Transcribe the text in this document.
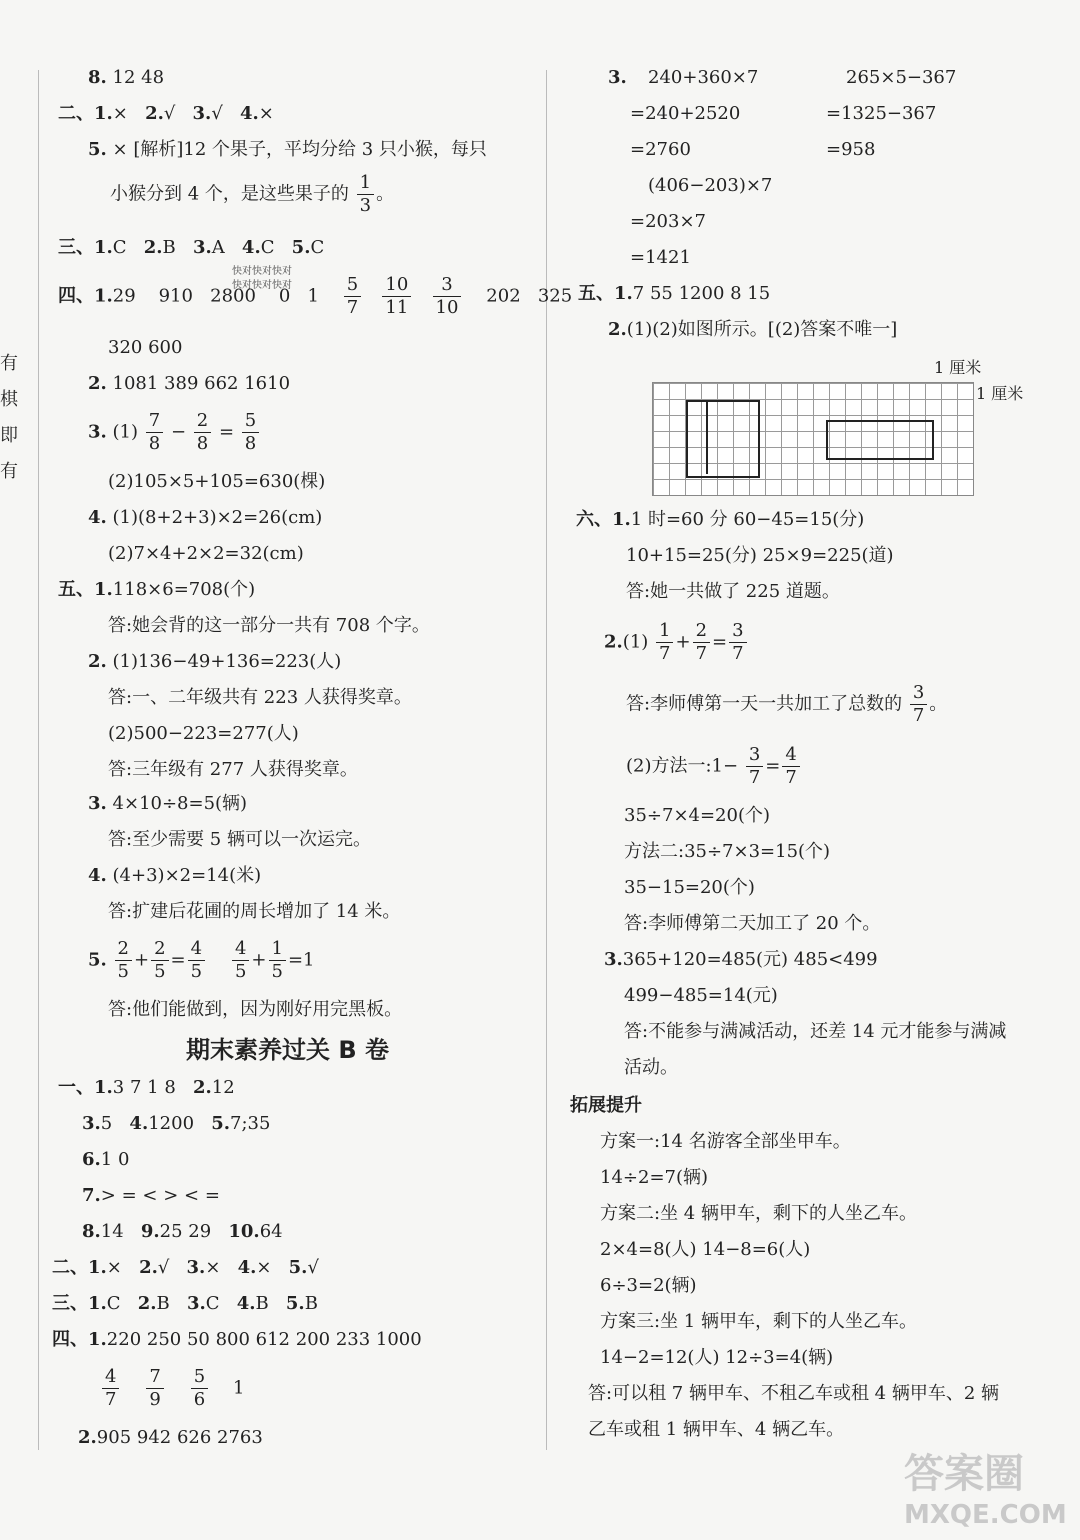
有
棋
即
有
8. 12 48
二、1.× 2.√ 3.√ 4.×
5. × [解析]12 个果子，平均分给 3 只小猴，每只
小猴分到 4 个，是这些果子的 $\frac{1}{3}$ 。
三、1.C 2.B 3.A 4.C 5.C
四、1.29 910 2800 0 $1 \frac{5}{7}$
$\frac{10}{11}$
$\frac{3}{10} 202$ 325
320 600
2. 1081 389 662 1610
3. $(1) \frac{7}{8} - \frac{2}{8} = \frac{5}{8}$
(2)105×5+105=630(棵)
4. (1)(8+2+3)×2=26(cm)
(2)7×4+2×2=32(cm)
五、1.118×6=708(个)
答:她会背的这一部分一共有 708 个字。
2. (1)136−49+136=223(人)
答:一、二年级共有 223 人获得奖章。
(2)500−223=277(人)
答:三年级有 277 人获得奖章。
3. 4×10÷8=5(辆)
答:至少需要 5 辆可以一次运完。
4. (4+3)×2=14(米)
答:扩建后花圃的周长增加了 14 米。
5. $\frac{2}{5} + \frac{2}{5} = \frac{4}{5}$
$\frac{4}{5} + \frac{1}{5} =1$
答:他们能做到，因为刚好用完黑板。
期末素养过关 B 卷
一、1.3 7 1 8 2.12
3.5 4.1200 5.7;35
6.1 0
7.> = < > < =
8.14 9.25 29 10.64
二、1.× 2.√ 3.× 4.× 5.√
三、1.C 2.B 3.C 4.B 5.B
四、1.220 250 50 800 612 200 233 1000
$\frac{4}{7}$
$\frac{7}{9}$
$\frac{5}{6} 1$
2.905 942 626 2763
快对快对快对
快对快对快对
3. 240+360×7	265×5−367
=240+2520	=1325−367
=2760	=958
(406−203)×7
=203×7
=1421
五、1.7 55 1200 8 15
2.(1)(2)如图所示。[(2)答案不唯一]
1 厘米
1 厘米
六、1.1 时=60 分 60−45=15(分)
10+15=25(分) 25×9=225(道)
答:她一共做了 225 道题。
$2.(1) \frac{1}{7} + \frac{2}{7} = \frac{3}{7}$
答:李师傅第一天一共加工了总数的 $\frac{3}{7}$ 。
(2)方法一:1− $\frac{3}{7} = \frac{4}{7}$
35÷7×4=20(个)
方法二:35÷7×3=15(个)
35−15=20(个)
答:李师傅第二天加工了 20 个。
3.365+120=485(元) 485<499
499−485=14(元)
答:不能参与满减活动，还差 14 元才能参与满减
活动。
拓展提升
方案一:14 名游客全部坐甲车。
14÷2=7(辆)
方案二:坐 4 辆甲车，剩下的人坐乙车。
2×4=8(人) 14−8=6(人)
6÷3=2(辆)
方案三:坐 1 辆甲车，剩下的人坐乙车。
14−2=12(人) 12÷3=4(辆)
答:可以租 7 辆甲车、不租乙车或租 4 辆甲车、2 辆
乙车或租 1 辆甲车、4 辆乙车。
答案圈
MXQE.COM
